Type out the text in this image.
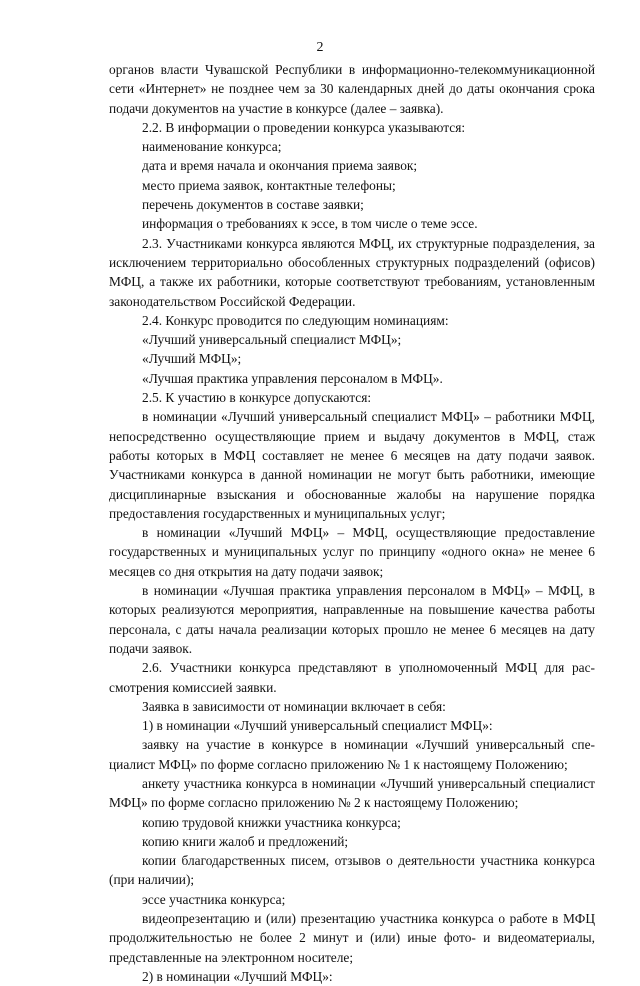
2

органов власти Чувашской Республики в информационно-телекоммуникационной сети «Интернет» не позднее чем за 30 календарных дней до даты окончания срока подачи документов на участие в конкурсе (далее – заявка).

2.2. В информации о проведении конкурса указываются:

наименование конкурса;

дата и время начала и окончания приема заявок;

место приема заявок, контактные телефоны;

перечень документов в составе заявки;

информация о требованиях к эссе, в том числе о теме эссе.

2.3. Участниками конкурса являются МФЦ, их структурные подразделения, за исключением территориально обособленных структурных подразделений (офисов) МФЦ, а также их работники, которые соответствуют требованиям, установленным законодательством Российской Федерации.

2.4. Конкурс проводится по следующим номинациям:

«Лучший универсальный специалист МФЦ»;

«Лучший МФЦ»;

«Лучшая практика управления персоналом в МФЦ».

2.5. К участию в конкурсе допускаются:

в номинации «Лучший универсальный специалист МФЦ» – работники МФЦ, непосредственно осуществляющие прием и выдачу документов в МФЦ, стаж работы которых в МФЦ составляет не менее 6 месяцев на дату подачи заявок. Участниками конкурса в данной номинации не могут быть работники, имеющие дисциплинарные взыскания и обоснованные жалобы на нарушение порядка предоставления государственных и муниципальных услуг;

в номинации «Лучший МФЦ» – МФЦ, осуществляющие предоставление государственных и муниципальных услуг по принципу «одного окна» не менее 6 месяцев со дня открытия на дату подачи заявок;

в номинации «Лучшая практика управления персоналом в МФЦ» – МФЦ, в которых реализуются мероприятия, направленные на повышение качества работы персонала, с даты начала реализации которых прошло не менее 6 месяцев на дату подачи заявок.

2.6. Участники конкурса представляют в уполномоченный МФЦ для рассмотрения комиссией заявки.

Заявка в зависимости от номинации включает в себя:

1) в номинации «Лучший универсальный специалист МФЦ»:

заявку на участие в конкурсе в номинации «Лучший универсальный специалист МФЦ» по форме согласно приложению № 1 к настоящему Положению;

анкету участника конкурса в номинации «Лучший универсальный специалист МФЦ» по форме согласно приложению № 2 к настоящему Положению;

копию трудовой книжки участника конкурса;

копию книги жалоб и предложений;

копии благодарственных писем, отзывов о деятельности участника конкурса (при наличии);

эссе участника конкурса;

видеопрезентацию и (или) презентацию участника конкурса о работе в МФЦ продолжительностью не более 2 минут и (или) иные фото- и видеоматериалы, представленные на электронном носителе;

2) в номинации «Лучший МФЦ»:
